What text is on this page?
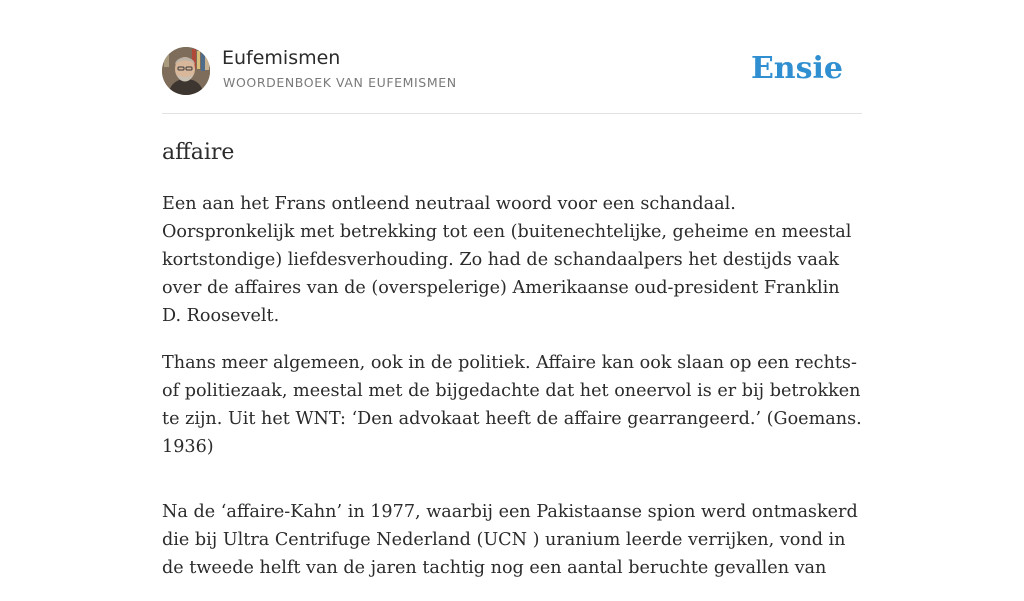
Eufemismen
WOORDENBOEK VAN EUFEMISMEN	Ensie
affaire

Een aan het Frans ontleend neutraal woord voor een schandaal. Oorspronkelijk met betrekking tot een (buitenechtelijke, geheime en meestal kortstondige) liefdesverhouding. Zo had de schandaalpers het destijds vaak over de affaires van de (overspelerige) Amerikaanse oud-president Franklin D. Roosevelt.

Thans meer algemeen, ook in de politiek. Affaire kan ook slaan op een rechts- of politiezaak, meestal met de bijgedachte dat het oneervol is er bij betrokken te zijn. Uit het WNT: ‘Den advokaat heeft de affaire gearrangeerd.’ (Goemans. 1936)

Na de ‘affaire-Kahn’ in 1977, waarbij een Pakistaanse spion werd ontmaskerd die bij Ultra Centrifuge Nederland (UCN ) uranium leerde verrijken, vond in de tweede helft van de jaren tachtig nog een aantal beruchte gevallen van
